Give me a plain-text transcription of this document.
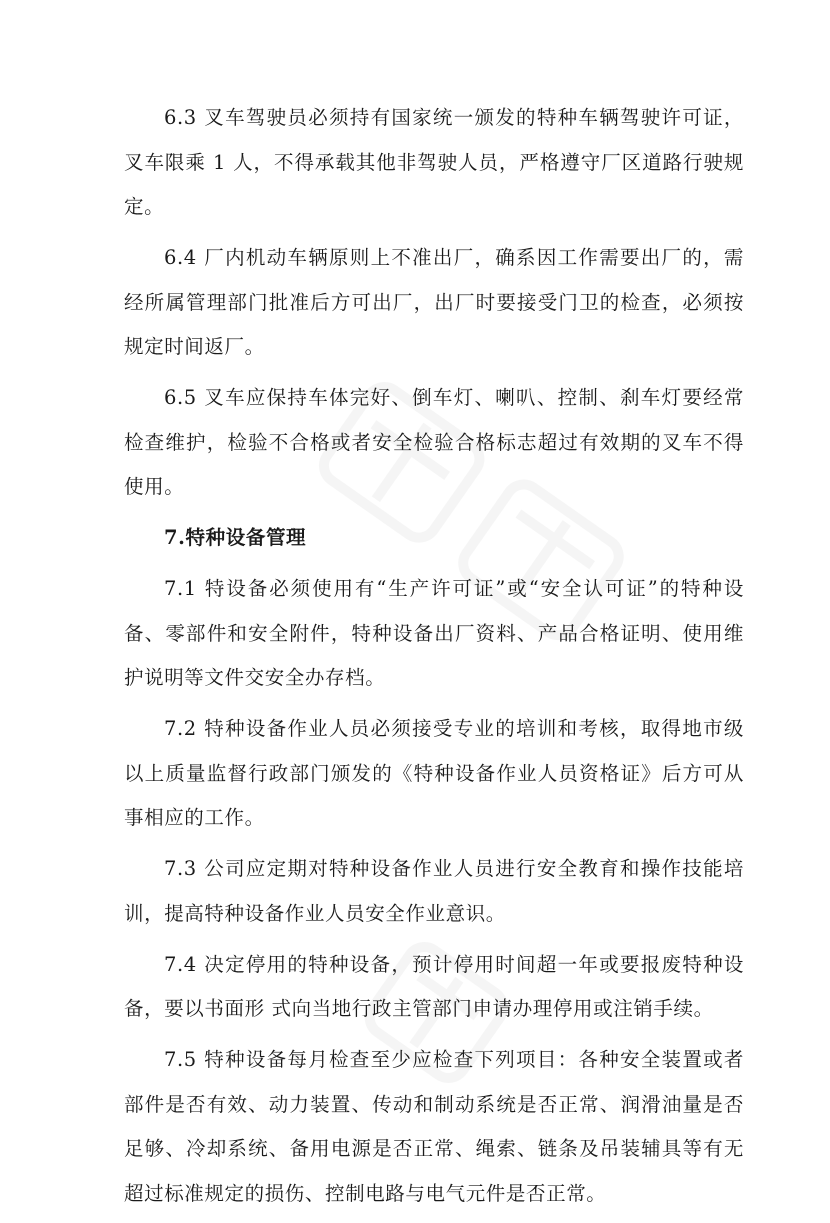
6.3 叉车驾驶员必须持有国家统一颁发的特种车辆驾驶许可证，叉车限乘 1 人，不得承载其他非驾驶人员，严格遵守厂区道路行驶规定。

6.4 厂内机动车辆原则上不准出厂，确系因工作需要出厂的，需经所属管理部门批准后方可出厂，出厂时要接受门卫的检查，必须按规定时间返厂。

6.5 叉车应保持车体完好、倒车灯、喇叭、控制、刹车灯要经常检查维护，检验不合格或者安全检验合格标志超过有效期的叉车不得使用。

7.特种设备管理

7.1 特设备必须使用有“生产许可证”或“安全认可证”的特种设备、零部件和安全附件，特种设备出厂资料、产品合格证明、使用维护说明等文件交安全办存档。

7.2 特种设备作业人员必须接受专业的培训和考核，取得地市级以上质量监督行政部门颁发的《特种设备作业人员资格证》后方可从事相应的工作。

7.3 公司应定期对特种设备作业人员进行安全教育和操作技能培训，提高特种设备作业人员安全作业意识。

7.4 决定停用的特种设备，预计停用时间超一年或要报废特种设备，要以书面形 式向当地行政主管部门申请办理停用或注销手续。

7.5 特种设备每月检查至少应检查下列项目：各种安全装置或者部件是否有效、动力装置、传动和制动系统是否正常、润滑油量是否足够、冷却系统、备用电源是否正常、绳索、链条及吊装辅具等有无超过标准规定的损伤、控制电路与电气元件是否正常。
